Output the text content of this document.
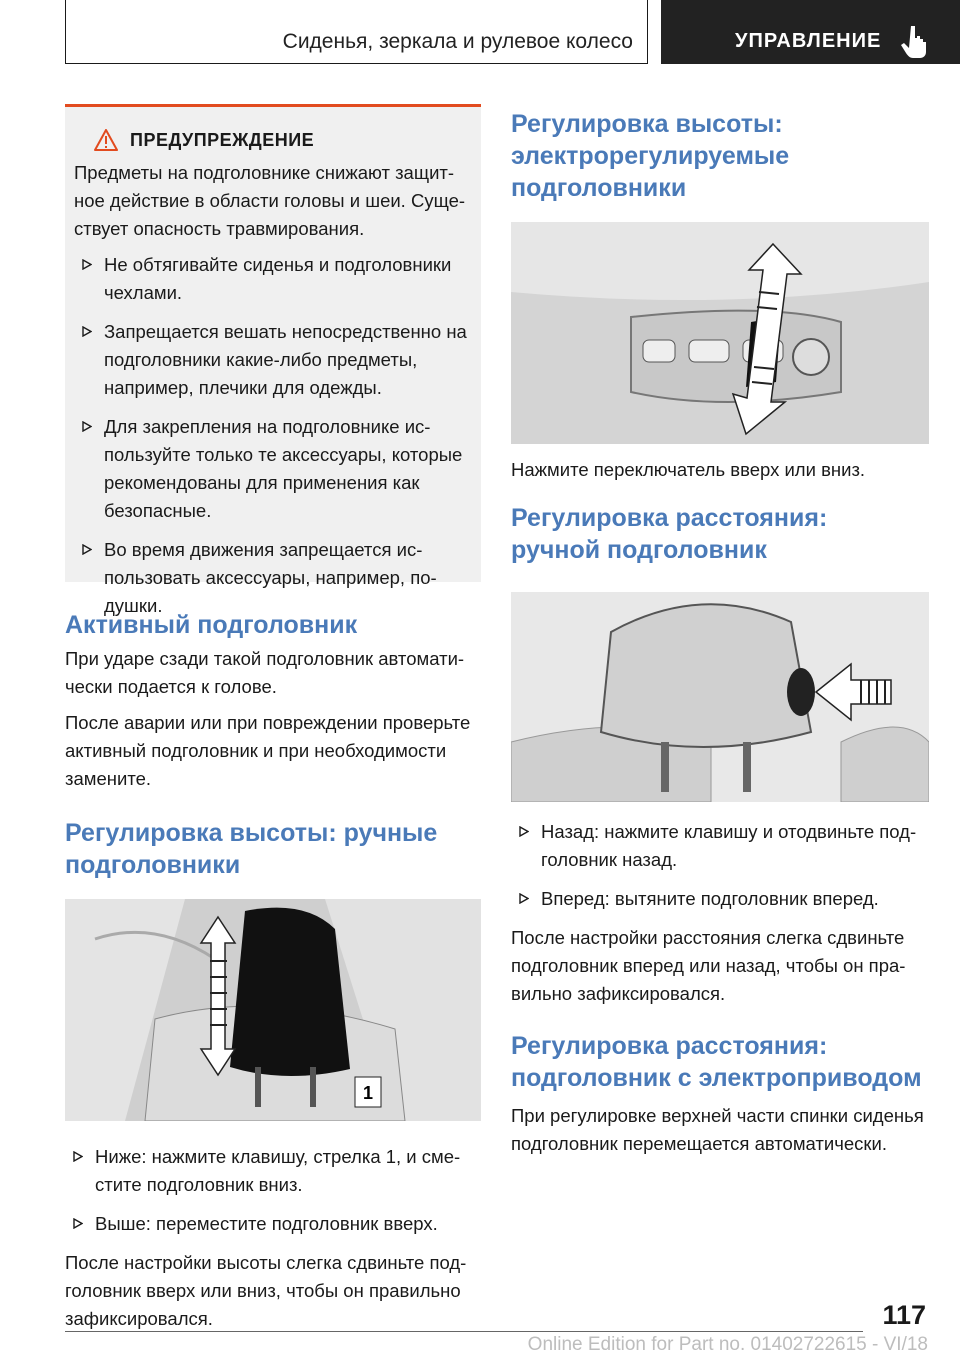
Сиденья, зеркала и рулевое колесо	УПРАВЛЕНИЕ
ПРЕДУПРЕЖДЕНИЕ

Предметы на подголовнике снижают защитное действие в области головы и шеи. Существует опасность травмирования.

Не обтягивайте сиденья и подголовники чехлами.
Запрещается вешать непосредственно на подголовники какие-либо предметы, например, плечики для одежды.
Для закрепления на подголовнике используйте только те аксессуары, которые рекомендованы для применения как безопасные.
Во время движения запрещается использовать аксессуары, например, подушки.
Активный подголовник

При ударе сзади такой подголовник автоматически подается к голове.

После аварии или при повреждении проверьте активный подголовник и при необходимости замените.

Регулировка высоты: ручные подголовники
1
Ниже: нажмите клавишу, стрелка 1, и сместите подголовник вниз.
Выше: переместите подголовник вверх.

После настройки высоты слегка сдвиньте подголовник вверх или вниз, чтобы он правильно зафиксировался.

Регулировка высоты: электрорегулируемые подголовники

Нажмите переключатель вверх или вниз.

Регулировка расстояния: ручной подголовник
Назад: нажмите клавишу и отодвиньте подголовник назад.
Вперед: вытяните подголовник вперед.

После настройки расстояния слегка сдвиньте подголовник вперед или назад, чтобы он правильно зафиксировался.

Регулировка расстояния: подголовник с электроприводом

При регулировке верхней части спинки сиденья подголовник перемещается автоматически.

117
Online Edition for Part no. 01402722615 - VI/18
